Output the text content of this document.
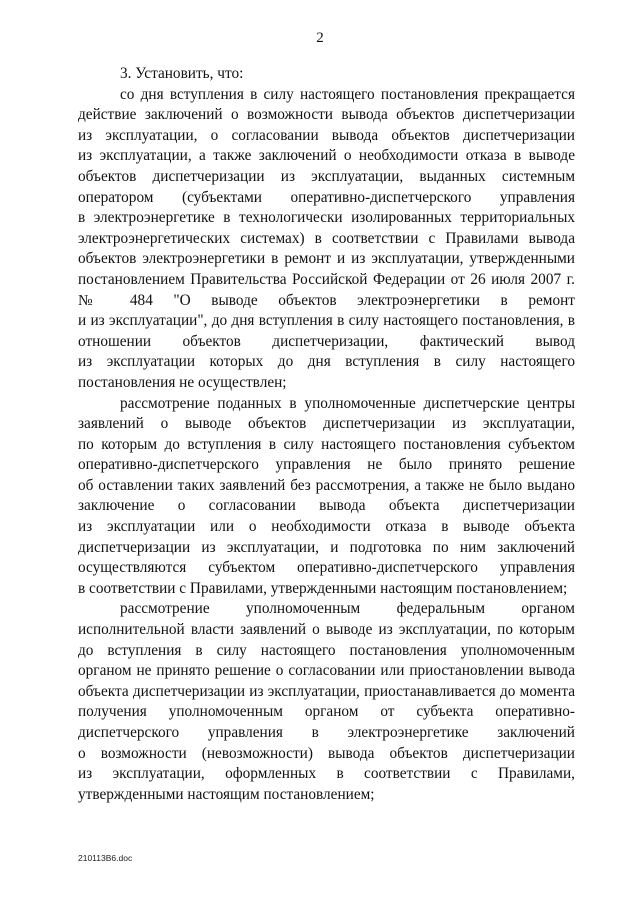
2
3. Установить, что:
со дня вступления в силу настоящего постановления прекращается
действие заключений о возможности вывода объектов диспетчеризации
из эксплуатации, о согласовании вывода объектов диспетчеризации
из эксплуатации, а также заключений о необходимости отказа в выводе
объектов диспетчеризации из эксплуатации, выданных системным
оператором (субъектами оперативно-диспетчерского управления
в электроэнергетике в технологически изолированных территориальных
электроэнергетических системах) в соответствии с Правилами вывода
объектов электроэнергетики в ремонт и из эксплуатации, утвержденными
постановлением Правительства Российской Федерации от 26 июля 2007 г.
№ 484 "О выводе объектов электроэнергетики в ремонт
и из эксплуатации", до дня вступления в силу настоящего постановления, в
отношении объектов диспетчеризации, фактический вывод
из эксплуатации которых до дня вступления в силу настоящего
постановления не осуществлен;
рассмотрение поданных в уполномоченные диспетчерские центры
заявлений о выводе объектов диспетчеризации из эксплуатации,
по которым до вступления в силу настоящего постановления субъектом
оперативно-диспетчерского управления не было принято решение
об оставлении таких заявлений без рассмотрения, а также не было выдано
заключение о согласовании вывода объекта диспетчеризации
из эксплуатации или о необходимости отказа в выводе объекта
диспетчеризации из эксплуатации, и подготовка по ним заключений
осуществляются субъектом оперативно-диспетчерского управления
в соответствии с Правилами, утвержденными настоящим постановлением;
рассмотрение уполномоченным федеральным органом
исполнительной власти заявлений о выводе из эксплуатации, по которым
до вступления в силу настоящего постановления уполномоченным
органом не принято решение о согласовании или приостановлении вывода
объекта диспетчеризации из эксплуатации, приостанавливается до момента
получения уполномоченным органом от субъекта оперативно-
диспетчерского управления в электроэнергетике заключений
о возможности (невозможности) вывода объектов диспетчеризации
из эксплуатации, оформленных в соответствии с Правилами,
утвержденными настоящим постановлением;
210113В6.doc
